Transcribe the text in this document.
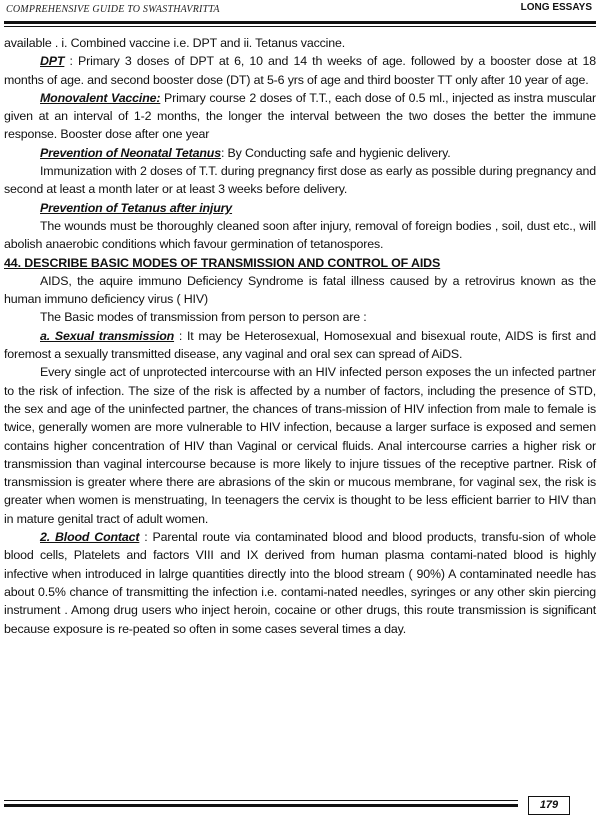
COMPREHENSIVE GUIDE TO SWASTHAVRITTA	LONG ESSAYS

available . i. Combined vaccine i.e. DPT and ii. Tetanus vaccine.

DPT : Primary 3 doses of DPT at 6, 10 and 14 th weeks of age. followed by a booster dose at 18 months of age. and second booster dose (DT) at 5-6 yrs of age and third booster TT only after 10 year of age.

Monovalent Vaccine: Primary course 2 doses of T.T., each dose of 0.5 ml., injected as instra muscular given at an interval of 1-2 months, the longer the interval between the two doses the better the immune response. Booster dose after one year

Prevention of Neonatal Tetanus: By Conducting safe and hygienic delivery.

Immunization with 2 doses of T.T. during pregnancy first dose as early as possible during pregnancy and second at least a month later or at least 3 weeks before delivery.

Prevention of Tetanus after injury

The wounds must be thoroughly cleaned soon after injury, removal of foreign bodies , soil, dust etc., will abolish anaerobic conditions which favour germination of tetanospores.

44. DESCRIBE BASIC MODES OF TRANSMISSION AND CONTROL OF AIDS

AIDS, the aquire immuno Deficiency Syndrome is fatal illness caused by a retrovirus known as the human immuno deficiency virus ( HIV)

The Basic modes of transmission from person to person are :

a. Sexual transmission : It may be Heterosexual, Homosexual and bisexual route, AIDS is first and foremost a sexually transmitted disease, any vaginal and oral sex can spread of AiDS.

Every single act of unprotected intercourse with an HIV infected person exposes the un infected partner to the risk of infection. The size of the risk is affected by a number of factors, including the presence of STD, the sex and age of the uninfected partner, the chances of trans-mission of HIV infection from male to female is twice, generally women are more vulnerable to HIV infection, because a larger surface is exposed and semen contains higher concentration of HIV than Vaginal or cervical fluids. Anal intercourse carries a higher risk or transmission than vaginal intercourse because is more likely to injure tissues of the receptive partner. Risk of transmission is greater where there are abrasions of the skin or mucous membrane, for vaginal sex, the risk is greater when women is menstruating, In teenagers the cervix is thought to be less efficient barrier to HIV than in mature genital tract of adult women.

2. Blood Contact : Parental route via contaminated blood and blood products, transfu-sion of whole blood cells, Platelets and factors VIII and IX derived from human plasma contami-nated blood is highly infective when introduced in lalrge quantities directly into the blood stream ( 90%) A contaminated needle has about 0.5% chance of transmitting the infection i.e. contami-nated needles, syringes or any other skin piercing instrument . Among drug users who inject heroin, cocaine or other drugs, this route transmission is significant because exposure is re-peated so often in some cases several times a day.

179
